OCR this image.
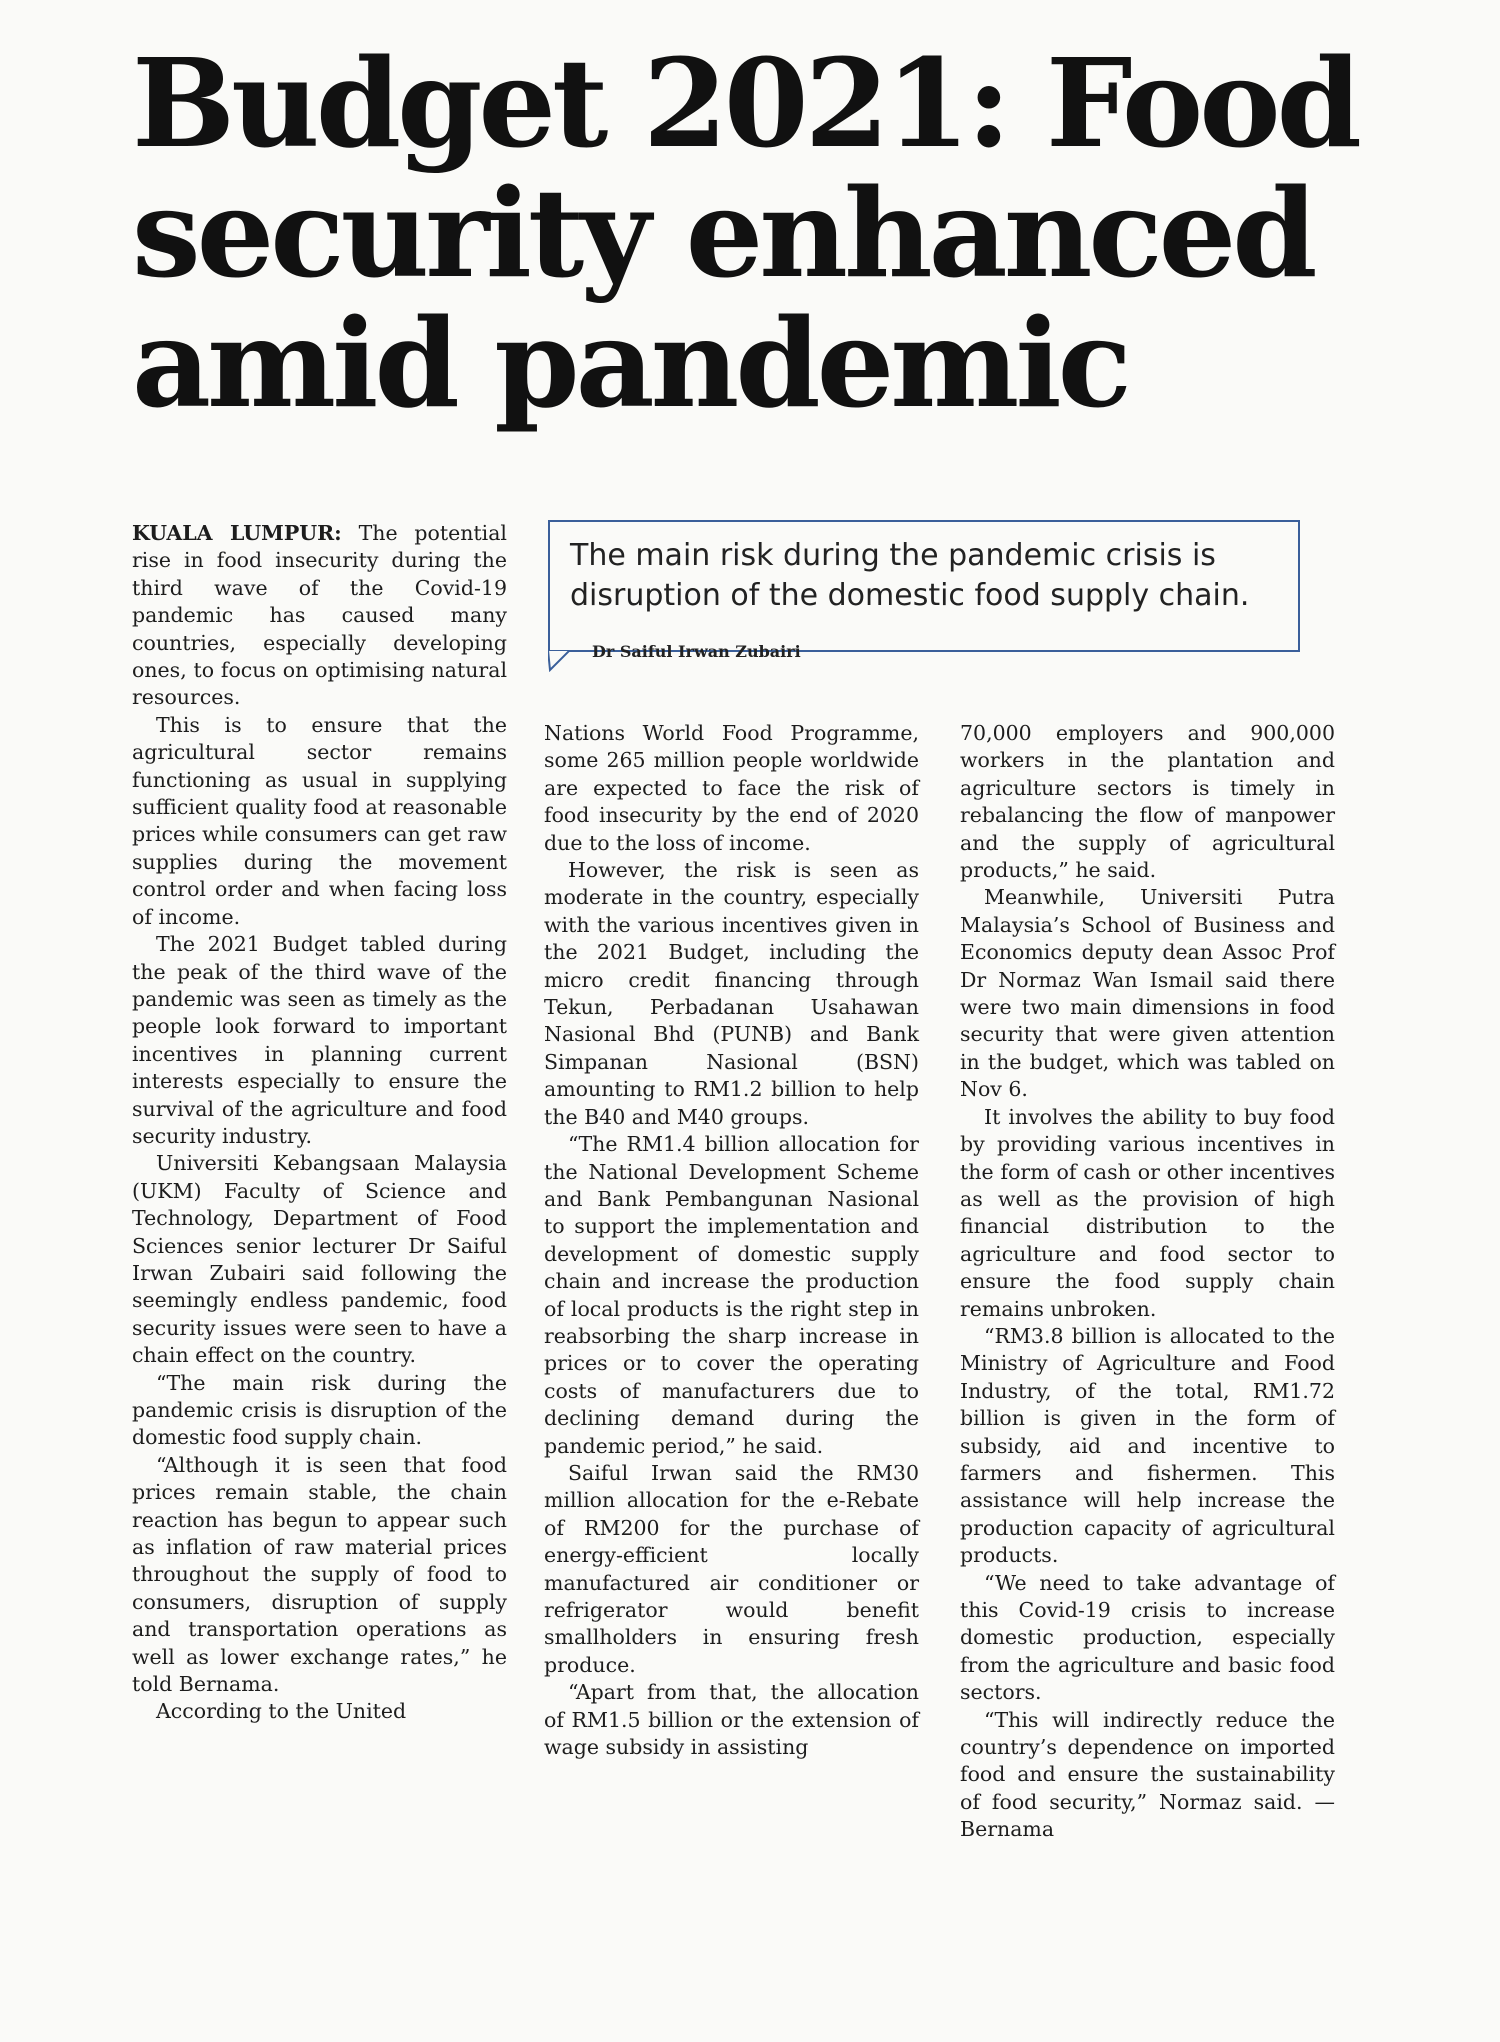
Budget 2021: Food security enhanced amid pandemic
The main risk during the pandemic crisis is disruption of the domestic food supply chain.
Dr Saiful Irwan Zubairi

KUALA LUMPUR: The potential rise in food insecurity during the third wave of the Covid-19 pandemic has caused many countries, especially developing ones, to focus on optimising natural resources.

This is to ensure that the agricultural sector remains functioning as usual in supplying sufficient quality food at reasonable prices while consumers can get raw supplies during the movement control order and when facing loss of income.

The 2021 Budget tabled during the peak of the third wave of the pandemic was seen as timely as the people look forward to important incentives in planning current interests especially to ensure the survival of the agriculture and food security industry.

Universiti Kebangsaan Malaysia (UKM) Faculty of Science and Technology, Department of Food Sciences senior lecturer Dr Saiful Irwan Zubairi said following the seemingly endless pandemic, food security issues were seen to have a chain effect on the country.

“The main risk during the pandemic crisis is disruption of the domestic food supply chain.

“Although it is seen that food prices remain stable, the chain reaction has begun to appear such as inflation of raw material prices throughout the supply of food to consumers, disruption of supply and transportation operations as well as lower exchange rates,” he told Bernama.

According to the United

Nations World Food Programme, some 265 million people worldwide are expected to face the risk of food insecurity by the end of 2020 due to the loss of income.

However, the risk is seen as moderate in the country, especially with the various incentives given in the 2021 Budget, including the micro credit financing through Tekun, Perbadanan Usahawan Nasional Bhd (PUNB) and Bank Simpanan Nasional (BSN) amounting to RM1.2 billion to help the B40 and M40 groups.

“The RM1.4 billion allocation for the National Development Scheme and Bank Pembangunan Nasional to support the implementation and development of domestic supply chain and increase the production of local products is the right step in reabsorbing the sharp increase in prices or to cover the operating costs of manufacturers due to declining demand during the pandemic period,” he said.

Saiful Irwan said the RM30 million allocation for the e-Rebate of RM200 for the purchase of energy-efficient locally manufactured air conditioner or refrigerator would benefit smallholders in ensuring fresh produce.

“Apart from that, the allocation of RM1.5 billion or the extension of wage subsidy in assisting

70,000 employers and 900,000 workers in the plantation and agriculture sectors is timely in rebalancing the flow of manpower and the supply of agricultural products,” he said.

Meanwhile, Universiti Putra Malaysia’s School of Business and Economics deputy dean Assoc Prof Dr Normaz Wan Ismail said there were two main dimensions in food security that were given attention in the budget, which was tabled on Nov 6.

It involves the ability to buy food by providing various incentives in the form of cash or other incentives as well as the provision of high financial distribution to the agriculture and food sector to ensure the food supply chain remains unbroken.

“RM3.8 billion is allocated to the Ministry of Agriculture and Food Industry, of the total, RM1.72 billion is given in the form of subsidy, aid and incentive to farmers and fishermen. This assistance will help increase the production capacity of agricultural products.

“We need to take advantage of this Covid-19 crisis to increase domestic production, especially from the agriculture and basic food sectors.

“This will indirectly reduce the country’s dependence on imported food and ensure the sustainability of food security,” Normaz said. — Bernama
